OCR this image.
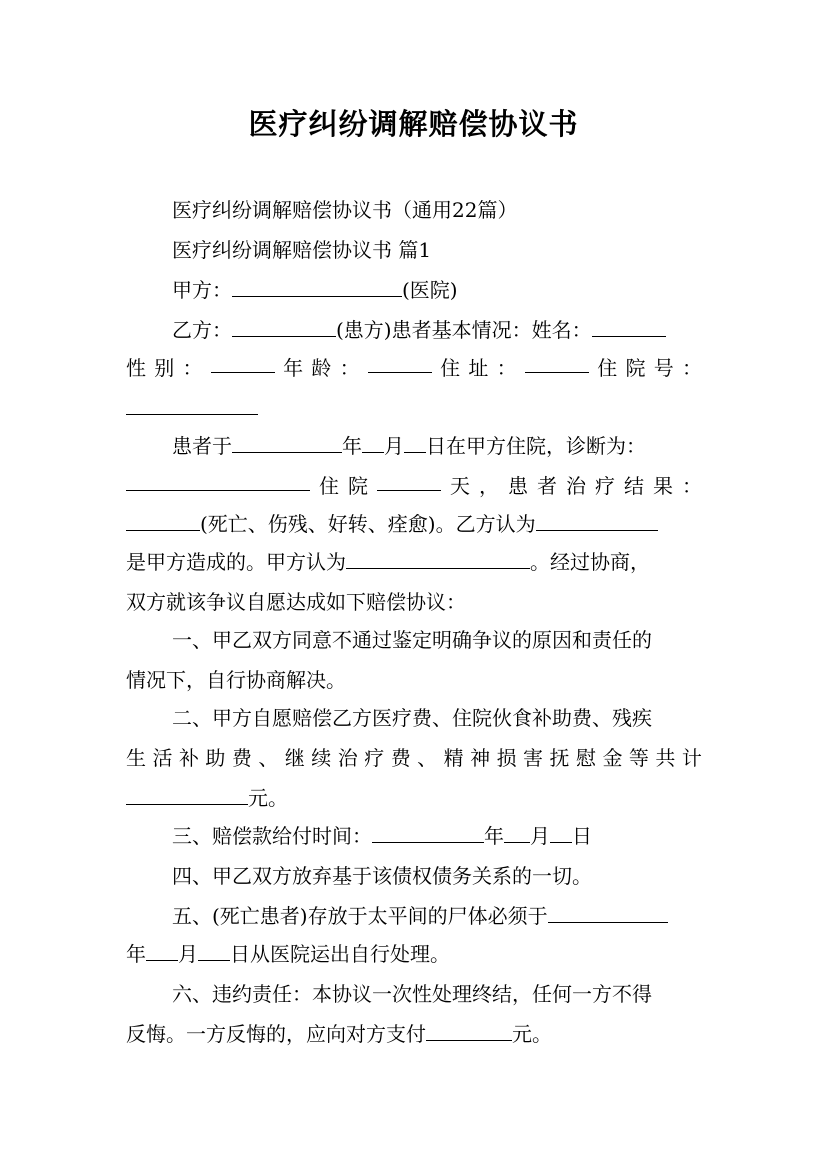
医疗纠纷调解赔偿协议书
医疗纠纷调解赔偿协议书（通用22篇）
医疗纠纷调解赔偿协议书 篇1
甲方：	(医院)
乙方：	(患方)患者基本情况：姓名：
性 别 ：	年 龄 ：	住 址 ：	住 院 号 ：
患者于	年 月 日在甲方住院，诊断为：
住 院	天 ， 患 者 治 疗 结 果 ：
(死亡、伤残、好转、痊愈)。乙方认为
是甲方造成的。甲方认为	。经过协商，
双方就该争议自愿达成如下赔偿协议：
一、甲乙双方同意不通过鉴定明确争议的原因和责任的
情况下，自行协商解决。
二、甲方自愿赔偿乙方医疗费、住院伙食补助费、残疾
生 活 补 助 费 、 继 续 治 疗 费 、 精 神 损 害 抚 慰 金 等 共 计
元。
三、赔偿款给付时间：	年 月 日
四、甲乙双方放弃基于该债权债务关系的一切。
五、(死亡患者)存放于太平间的尸体必须于
年 月 日从医院运出自行处理。
六、违约责任：本协议一次性处理终结，任何一方不得
反悔。一方反悔的，应向对方支付	元。
